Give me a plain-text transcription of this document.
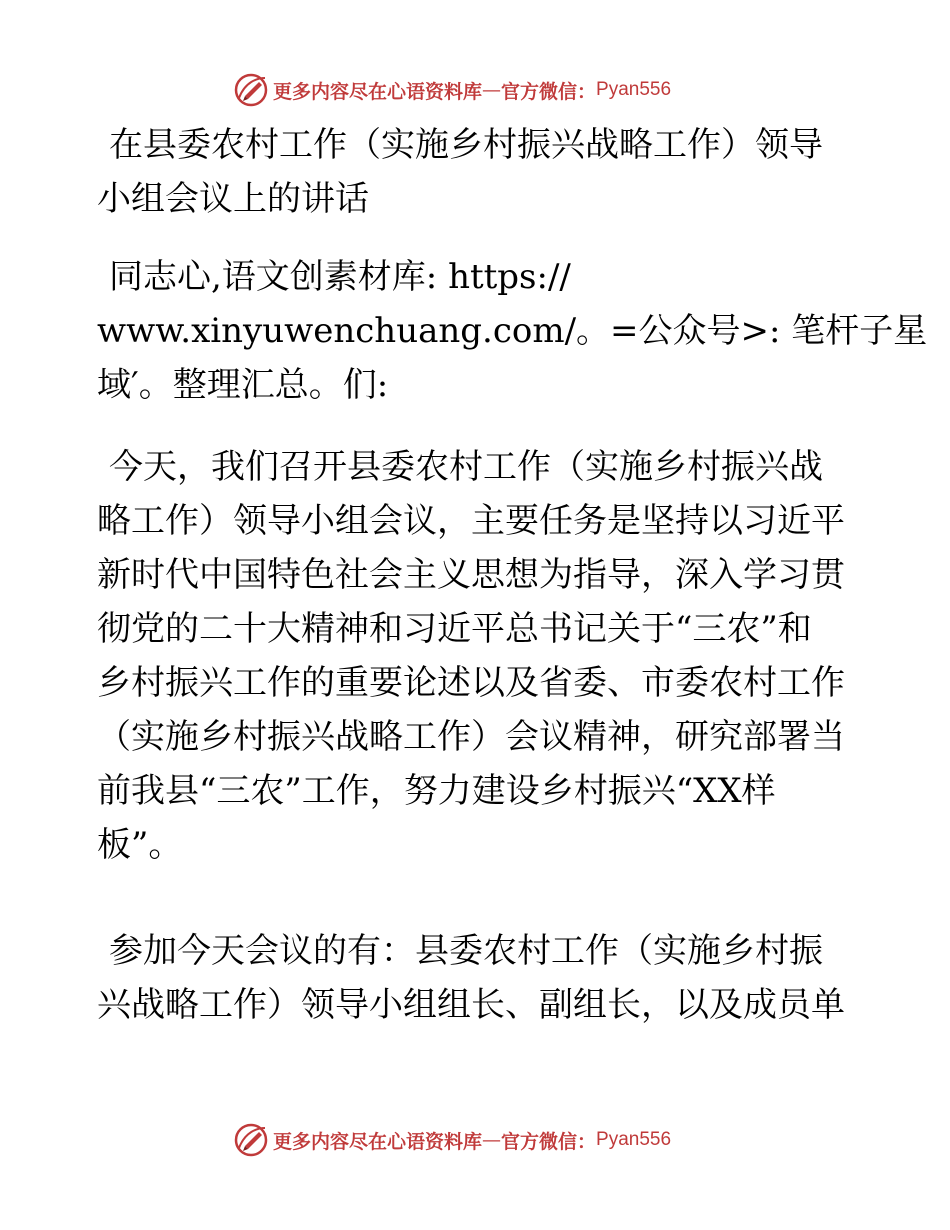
更多内容尽在心语资料库 — 官方微信： Pyan556
在县委农村工作（实施乡村振兴战略工作）领导
小组会议上的讲话
同志心,语文创素材库: https://
www.xinyuwenchuang.com/。=公众号>: 笔杆子星
域′。整理汇总。们:
今天，我们召开县委农村工作（实施乡村振兴战
略工作）领导小组会议，主要任务是坚持以习近平
新时代中国特色社会主义思想为指导，深入学习贯
彻党的二十大精神和习近平总书记关于“三农”和
乡村振兴工作的重要论述以及省委、市委农村工作
（实施乡村振兴战略工作）会议精神，研究部署当
前我县“三农”工作，努力建设乡村振兴“XX样
板”。
参加今天会议的有：县委农村工作（实施乡村振
兴战略工作）领导小组组长、副组长，以及成员单
更多内容尽在心语资料库 — 官方微信： Pyan556
